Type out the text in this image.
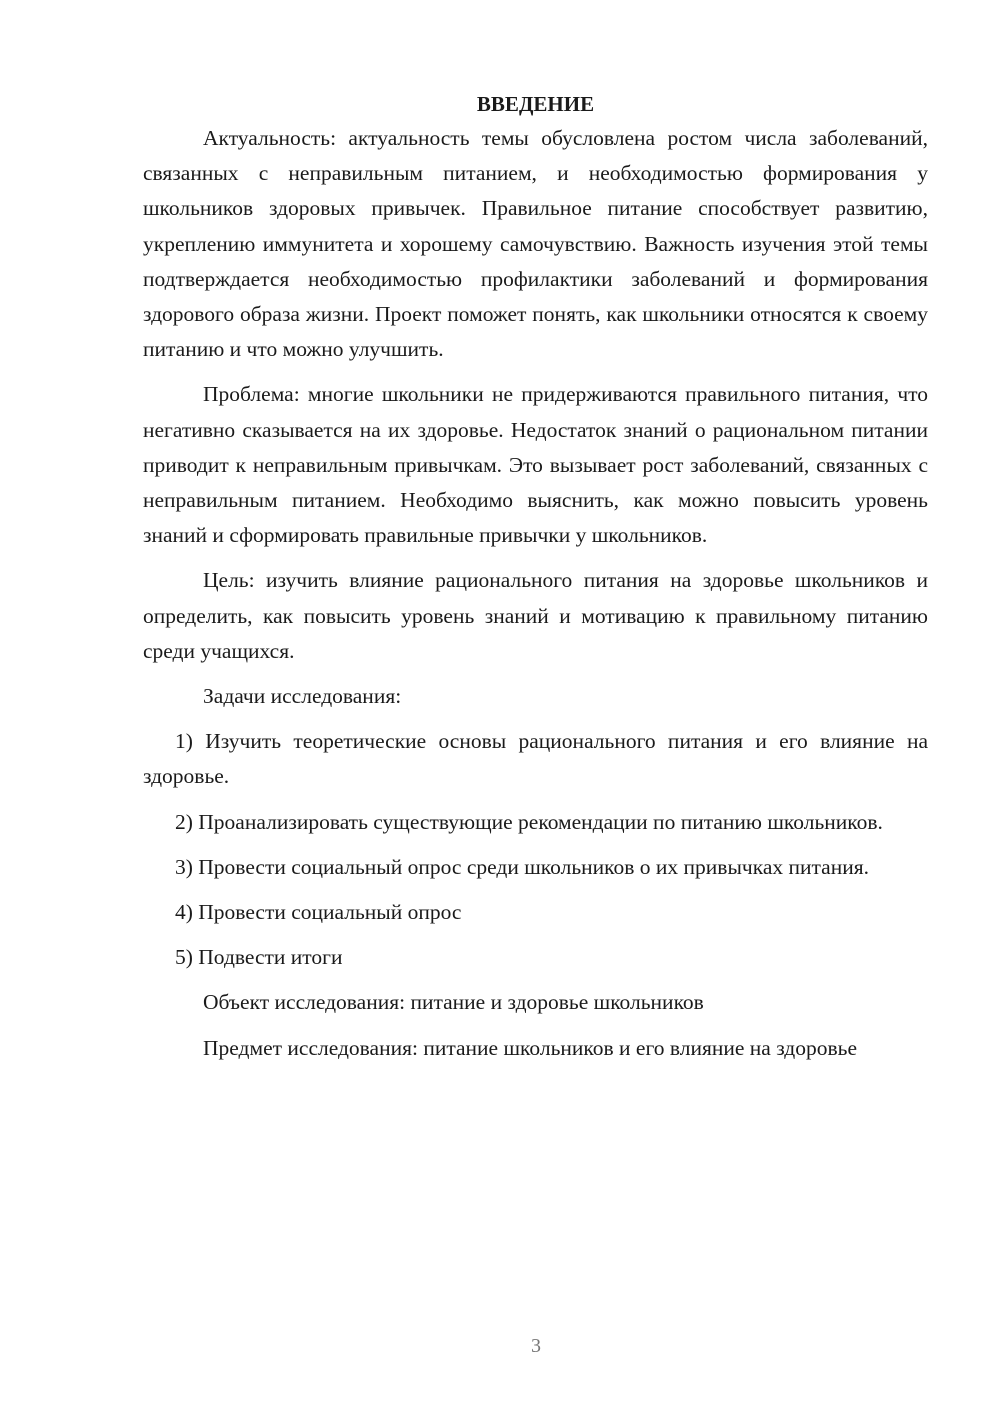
ВВЕДЕНИЕ

Актуальность: актуальность темы обусловлена ростом числа заболеваний, связанных с неправильным питанием, и необходимостью формирования у школьников здоровых привычек. Правильное питание способствует развитию, укреплению иммунитета и хорошему самочувствию. Важность изучения этой темы подтверждается необходимостью профилактики заболеваний и формирования здорового образа жизни. Проект поможет понять, как школьники относятся к своему питанию и что можно улучшить.

Проблема: многие школьники не придерживаются правильного питания, что негативно сказывается на их здоровье. Недостаток знаний о рациональном питании приводит к неправильным привычкам. Это вызывает рост заболеваний, связанных с неправильным питанием. Необходимо выяснить, как можно повысить уровень знаний и сформировать правильные привычки у школьников.

Цель: изучить влияние рационального питания на здоровье школьников и определить, как повысить уровень знаний и мотивацию к правильному питанию среди учащихся.

Задачи исследования:

1) Изучить теоретические основы рационального питания и его влияние на здоровье.

2) Проанализировать существующие рекомендации по питанию школьников.

3) Провести социальный опрос среди школьников о их привычках питания.

4) Провести социальный опрос

5) Подвести итоги

Объект исследования: питание и здоровье школьников

Предмет исследования: питание школьников и его влияние на здоровье

3
